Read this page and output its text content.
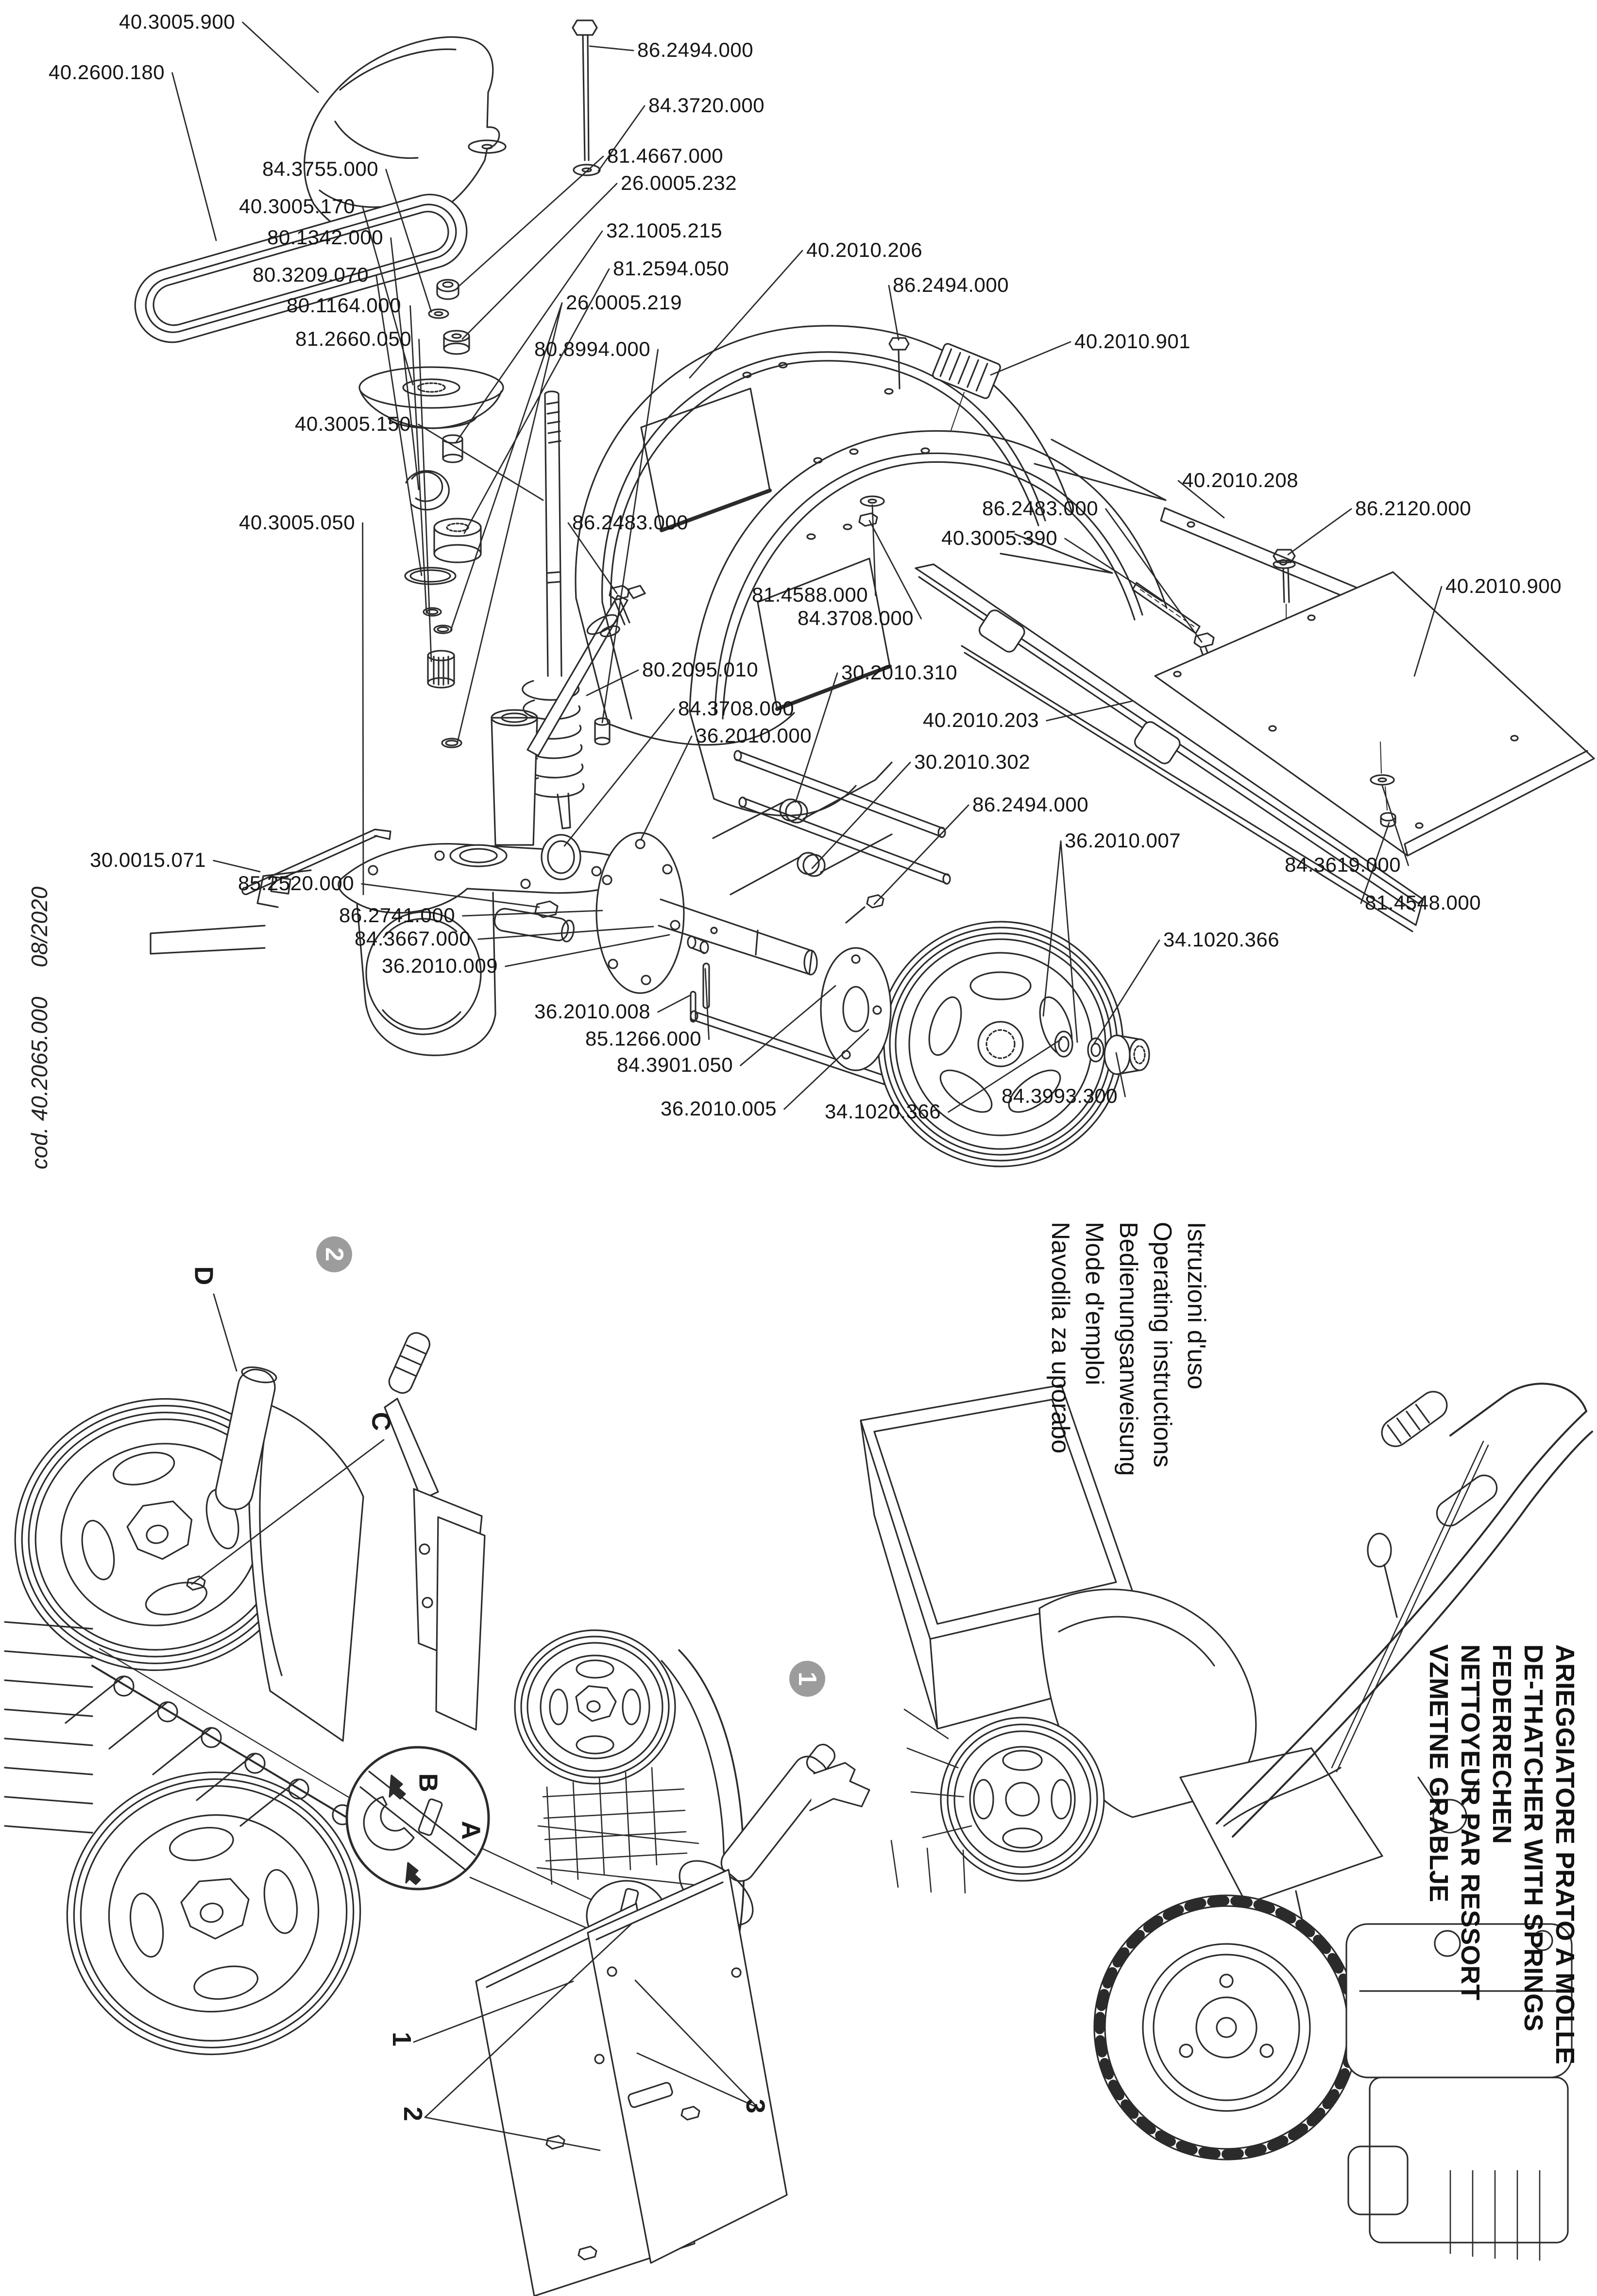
08/2020
cod. 40.2065.000
Istruzioni d'uso
Operating instructions
Bedienungsanweisung
Mode d'emploi
Navodila za uporabo
ARIEGGIATORE PRATO A MOLLE
DE-THATCHER WITH SPRINGS
FEDERRECHEN
NETTOYEUR PAR RESSORT
VZMETNE GRABLJE
40.3005.900
86.2494.000
40.2600.180
84.3720.000
84.3755.000
81.4667.000
26.0005.232
40.3005.170
32.1005.215
80.1342.000
81.2594.050
80.3209.070
80.1164.000	26.0005.219
81.2660.050	80.8994.000
40.3005.150
40.2010.206
86.2494.000
40.2010.901
40.2010.208
86.2120.000
40.2010.900
40.3005.050	86.2483.000
40.3005.390
86.2483.000
81.4588.000
84.3708.000
80.2095.010
84.3708.000
36.2010.000
30.2010.310
40.2010.203
30.2010.302
86.2494.000
36.2010.007
30.0015.071
85.2520.000
86.2741.000
84.3667.000
36.2010.009
36.2010.008
85.1266.000
84.3901.050
36.2010.005 34.1020.366
84.3993.300
34.1020.366
84.3619.000
81.4548.000
D
C
B
A
1
2
3
2
1
